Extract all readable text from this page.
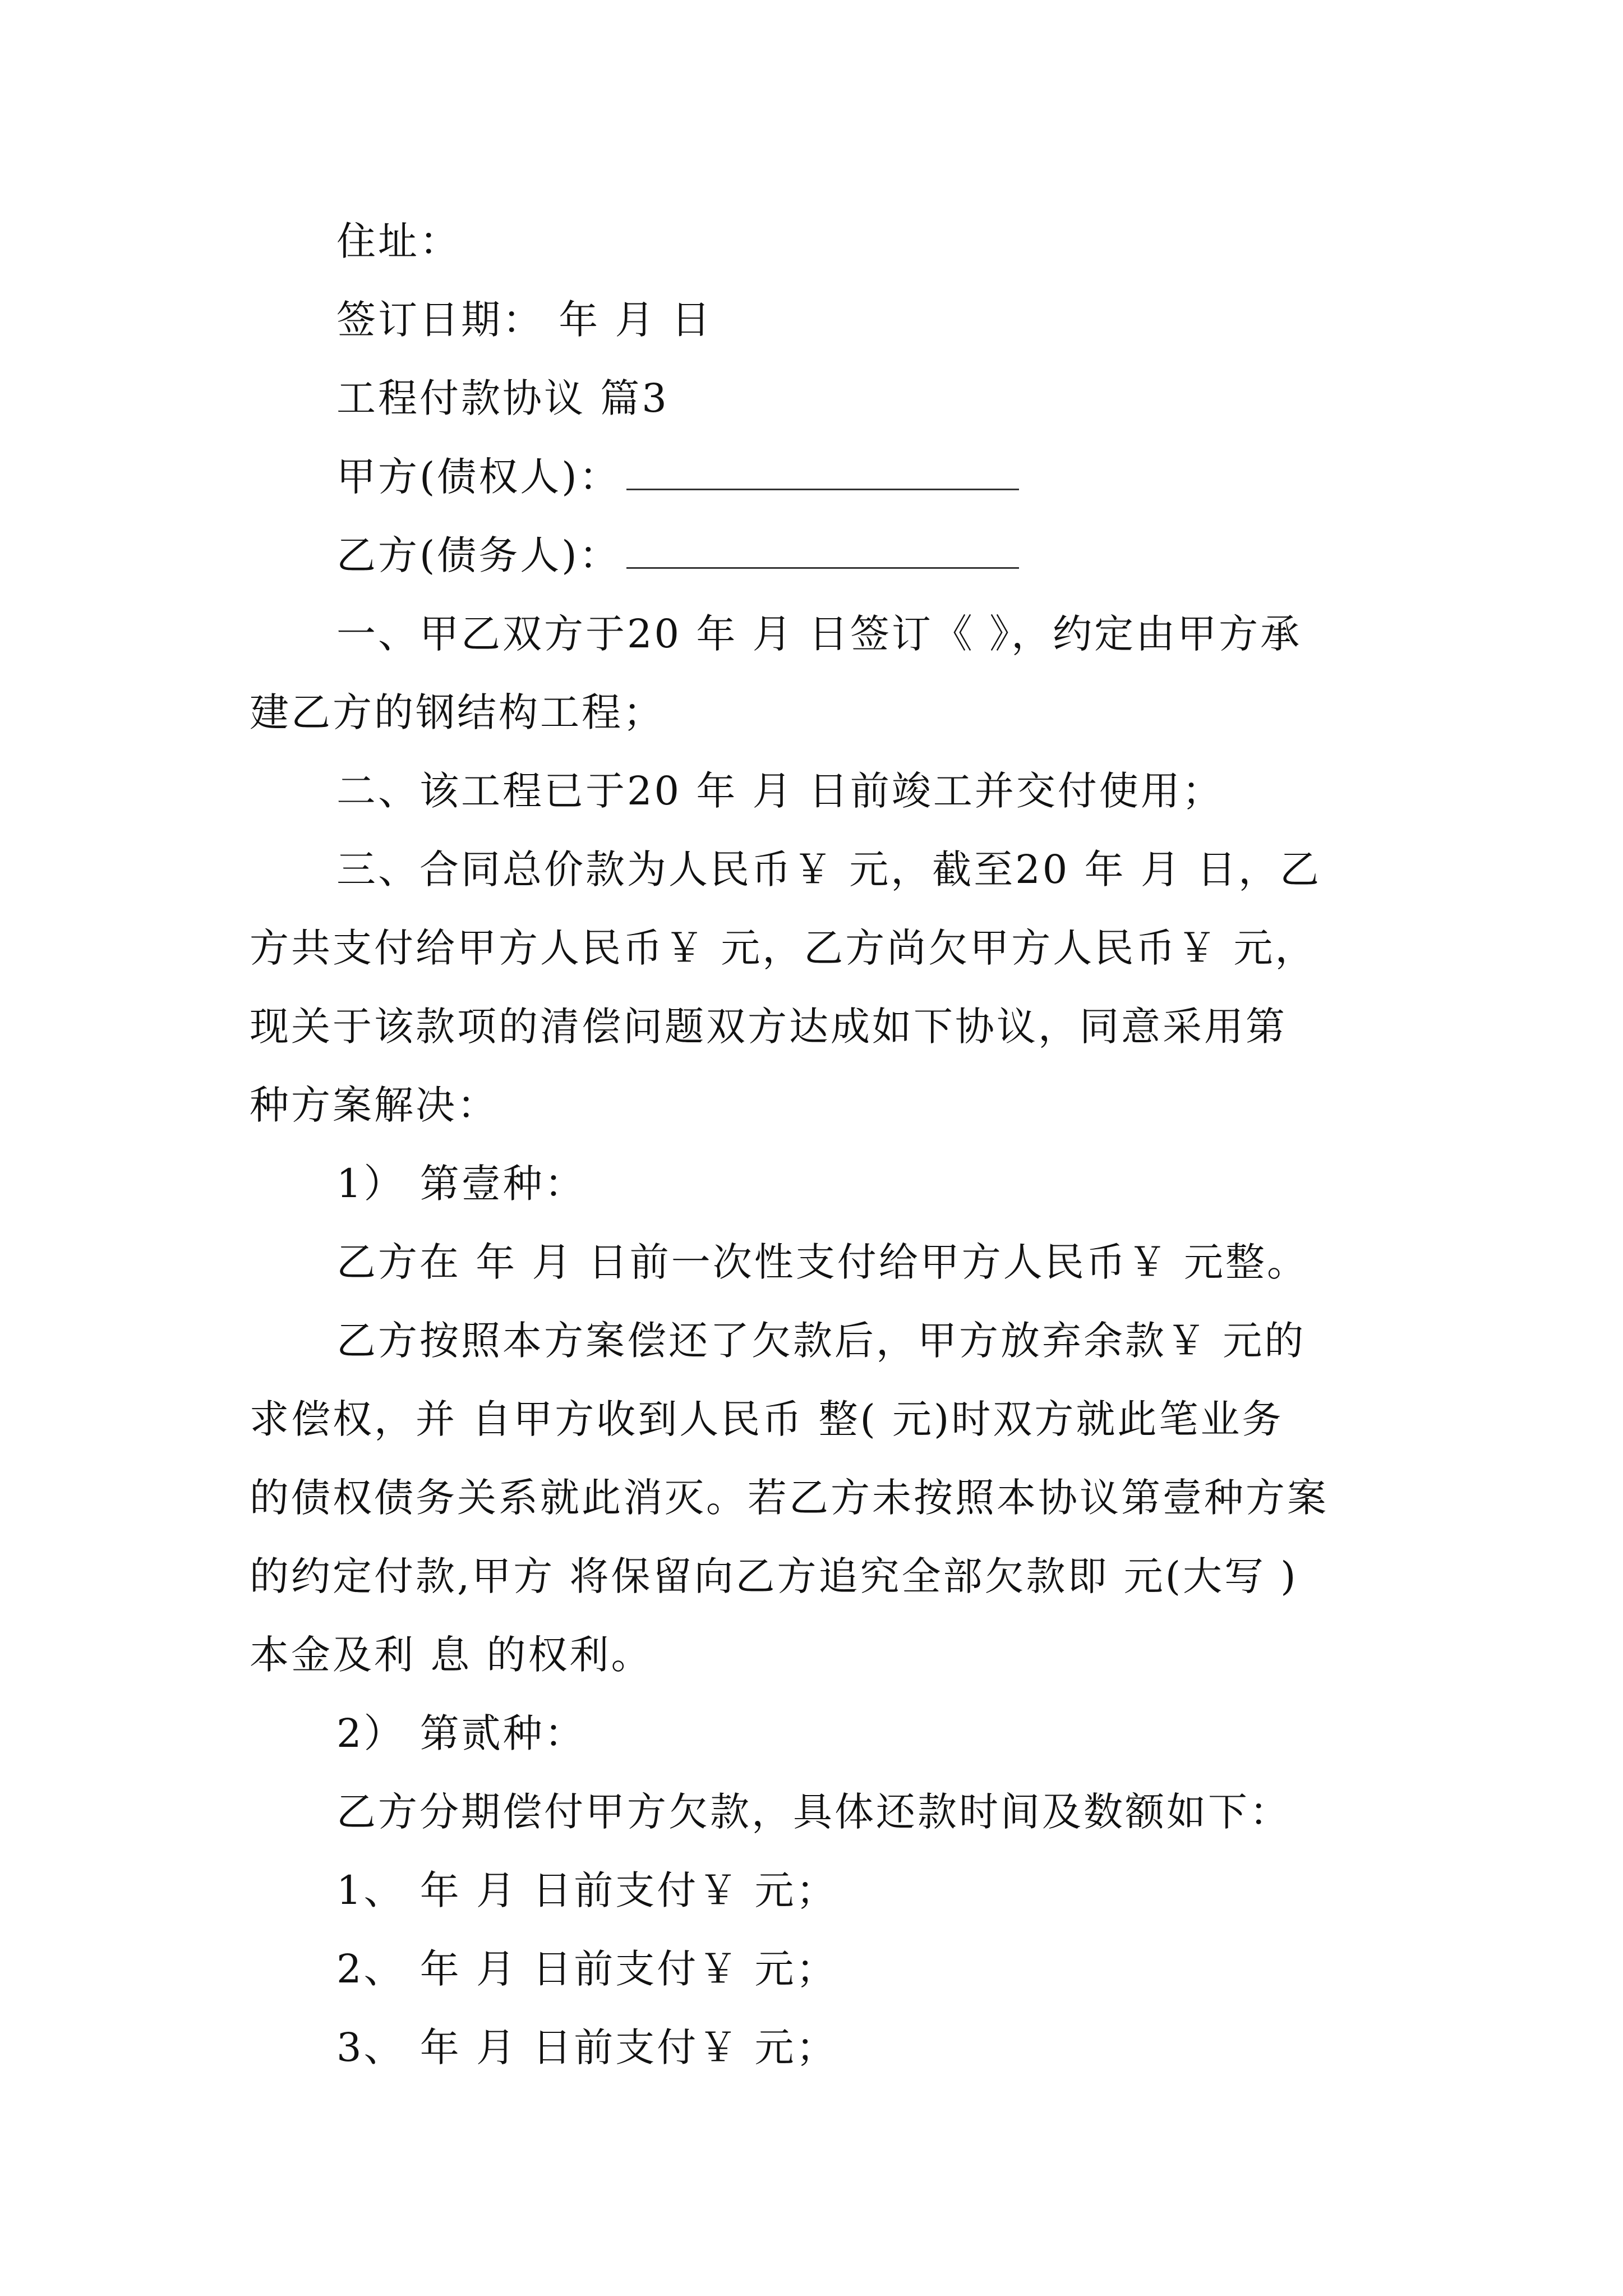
住址：
签订日期： 年 月 日
工程付款协议 篇3
甲方(债权人)：
乙方(债务人)：
一、甲乙双方于20 年 月 日签订《 》，约定由甲方承
建乙方的钢结构工程；
二、该工程已于20 年 月 日前竣工并交付使用；
三、合同总价款为人民币￥ 元，截至20 年 月 日，乙
方共支付给甲方人民币￥ 元，乙方尚欠甲方人民币￥ 元，
现关于该款项的清偿问题双方达成如下协议，同意采用第
种方案解决：
1） 第壹种：
乙方在 年 月 日前一次性支付给甲方人民币￥ 元整。
乙方按照本方案偿还了欠款后，甲方放弃余款￥ 元的
求偿权，并 自甲方收到人民币 整( 元)时双方就此笔业务
的债权债务关系就此消灭。若乙方未按照本协议第壹种方案
的约定付款,甲方 将保留向乙方追究全部欠款即 元(大写 )
本金及利 息 的权利。
2） 第贰种：
乙方分期偿付甲方欠款，具体还款时间及数额如下：
1、 年 月 日前支付￥ 元；
2、 年 月 日前支付￥ 元；
3、 年 月 日前支付￥ 元；
